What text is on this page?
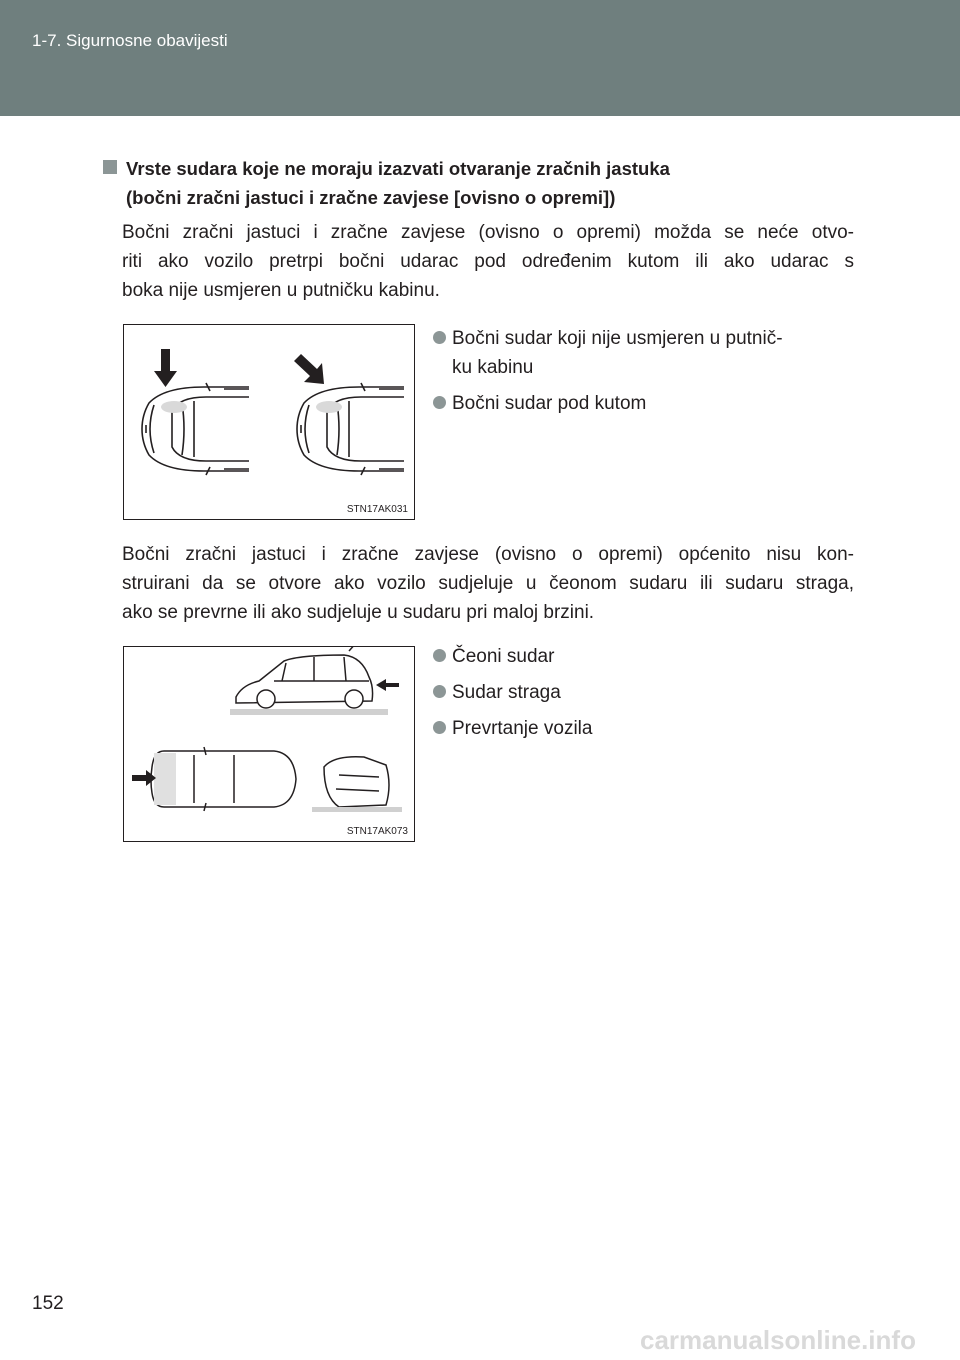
1-7. Sigurnosne obavijesti
Vrste sudara koje ne moraju izazvati otvaranje zračnih jastuka
(bočni zračni jastuci i zračne zavjese [ovisno o opremi])
Bočni zračni jastuci i zračne zavjese (ovisno o opremi) možda se neće otvo-
riti ako vozilo pretrpi bočni udarac pod određenim kutom ili ako udarac s
boka nije usmjeren u putničku kabinu.
STN17AK031
Bočni sudar koji nije usmjeren u putnič-
ku kabinu
Bočni sudar pod kutom
Bočni zračni jastuci i zračne zavjese (ovisno o opremi) općenito nisu kon-
struirani da se otvore ako vozilo sudjeluje u čeonom sudaru ili sudaru straga,
ako se prevrne ili ako sudjeluje u sudaru pri maloj brzini.
STN17AK073
Čeoni sudar
Sudar straga
Prevrtanje vozila
152
carmanualsonline.info
